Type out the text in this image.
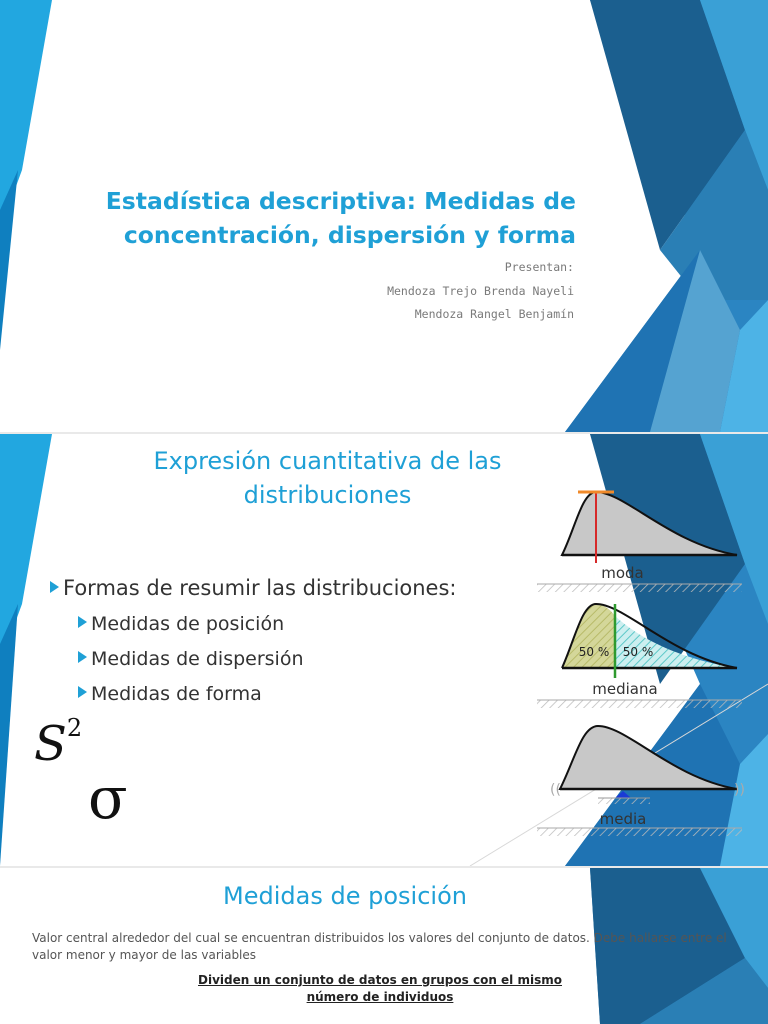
Estadística descriptiva: Medidas de
concentración, dispersión y forma
Presentan:
Mendoza Trejo Brenda Nayeli
Mendoza Rangel Benjamín
Expresión cuantitativa de las
distribuciones
Formas de resumir las distribuciones:
Medidas de posición
Medidas de dispersión
Medidas de forma
$S^2$
σ	((	))
moda
mediana
media
50 %	50 %
Medidas de posición
Valor central alrededor del cual se encuentran distribuidos los valores del conjunto de datos. Debe hallarse entre el valor menor y mayor de las variables
Dividen un conjunto de datos en grupos con el mismo
número de individuos
